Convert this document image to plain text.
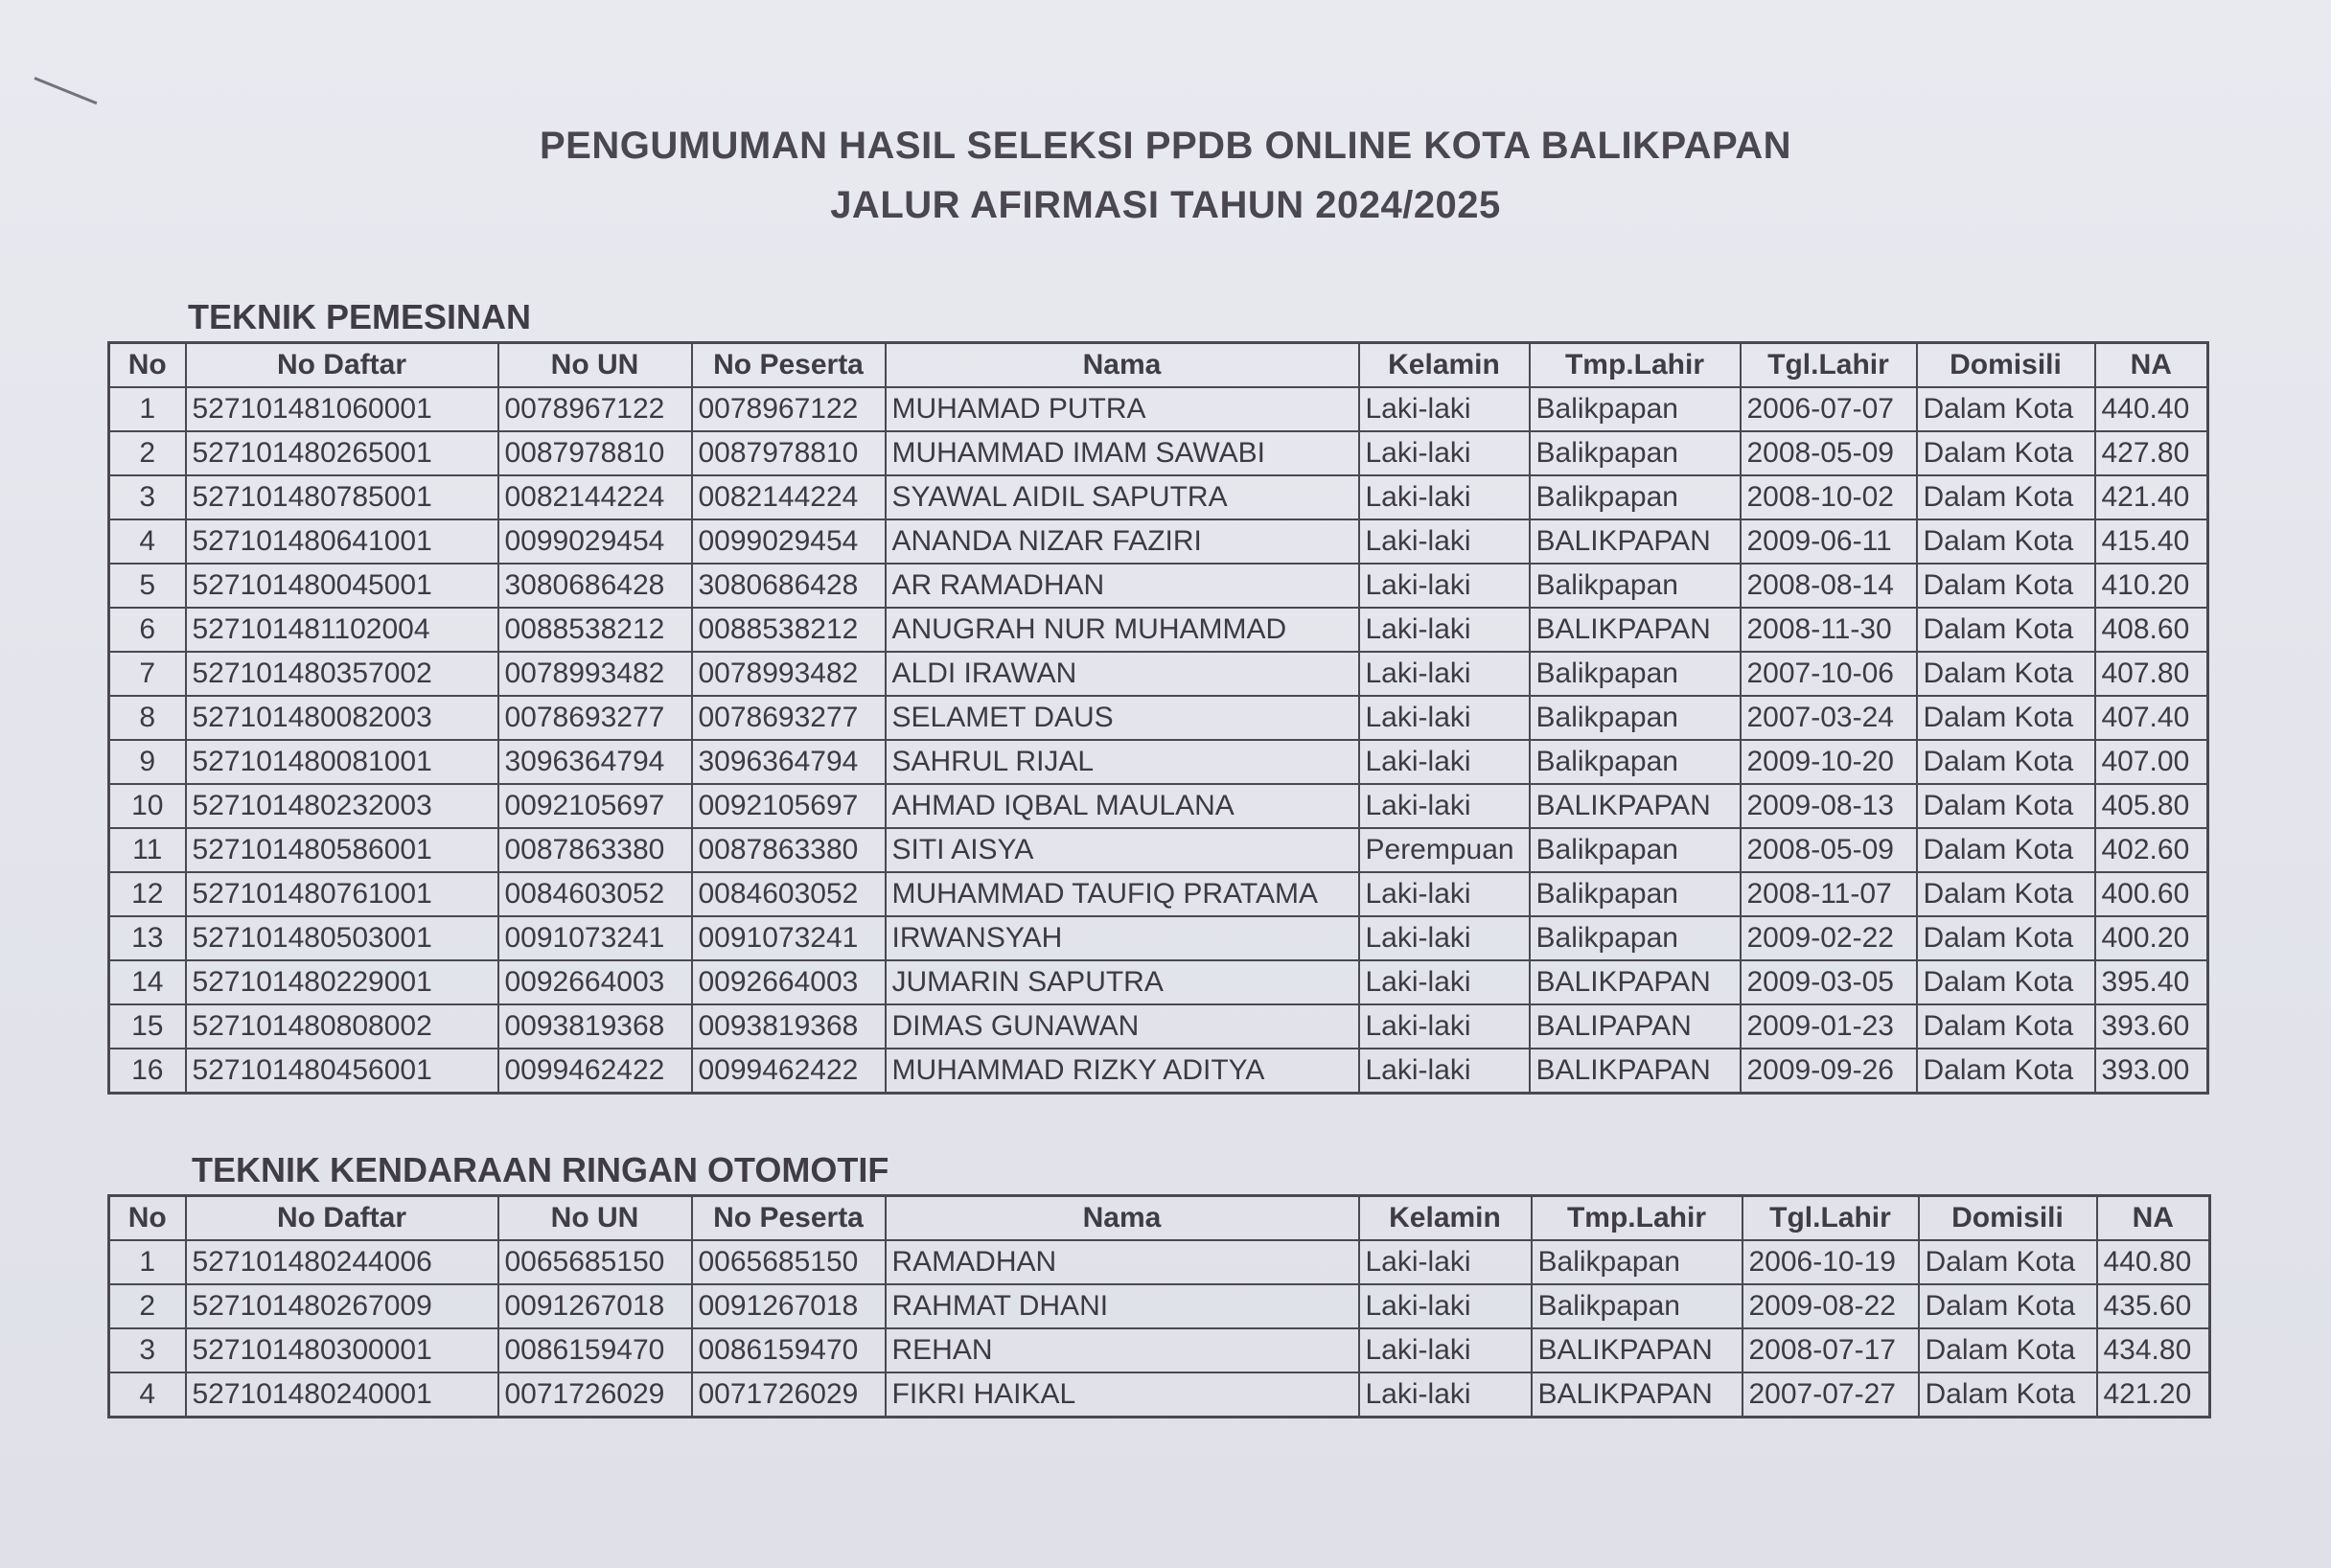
PENGUMUMAN HASIL SELEKSI PPDB ONLINE KOTA BALIKPAPAN
JALUR AFIRMASI TAHUN 2024/2025
TEKNIK PEMESINAN
No	No Daftar	No UN	No Peserta	Nama	Kelamin	Tmp.Lahir	Tgl.Lahir	Domisili	NA
1	527101481060001	0078967122	0078967122	MUHAMAD PUTRA	Laki-laki	Balikpapan	2006-07-07	Dalam Kota	440.40
2	527101480265001	0087978810	0087978810	MUHAMMAD IMAM SAWABI	Laki-laki	Balikpapan	2008-05-09	Dalam Kota	427.80
3	527101480785001	0082144224	0082144224	SYAWAL AIDIL SAPUTRA	Laki-laki	Balikpapan	2008-10-02	Dalam Kota	421.40
4	527101480641001	0099029454	0099029454	ANANDA NIZAR FAZIRI	Laki-laki	BALIKPAPAN	2009-06-11	Dalam Kota	415.40
5	527101480045001	3080686428	3080686428	AR RAMADHAN	Laki-laki	Balikpapan	2008-08-14	Dalam Kota	410.20
6	527101481102004	0088538212	0088538212	ANUGRAH NUR MUHAMMAD	Laki-laki	BALIKPAPAN	2008-11-30	Dalam Kota	408.60
7	527101480357002	0078993482	0078993482	ALDI IRAWAN	Laki-laki	Balikpapan	2007-10-06	Dalam Kota	407.80
8	527101480082003	0078693277	0078693277	SELAMET DAUS	Laki-laki	Balikpapan	2007-03-24	Dalam Kota	407.40
9	527101480081001	3096364794	3096364794	SAHRUL RIJAL	Laki-laki	Balikpapan	2009-10-20	Dalam Kota	407.00
10	527101480232003	0092105697	0092105697	AHMAD IQBAL MAULANA	Laki-laki	BALIKPAPAN	2009-08-13	Dalam Kota	405.80
11	527101480586001	0087863380	0087863380	SITI AISYA	Perempuan	Balikpapan	2008-05-09	Dalam Kota	402.60
12	527101480761001	0084603052	0084603052	MUHAMMAD TAUFIQ PRATAMA	Laki-laki	Balikpapan	2008-11-07	Dalam Kota	400.60
13	527101480503001	0091073241	0091073241	IRWANSYAH	Laki-laki	Balikpapan	2009-02-22	Dalam Kota	400.20
14	527101480229001	0092664003	0092664003	JUMARIN SAPUTRA	Laki-laki	BALIKPAPAN	2009-03-05	Dalam Kota	395.40
15	527101480808002	0093819368	0093819368	DIMAS GUNAWAN	Laki-laki	BALIPAPAN	2009-01-23	Dalam Kota	393.60
16	527101480456001	0099462422	0099462422	MUHAMMAD RIZKY ADITYA	Laki-laki	BALIKPAPAN	2009-09-26	Dalam Kota	393.00
TEKNIK KENDARAAN RINGAN OTOMOTIF
No	No Daftar	No UN	No Peserta	Nama	Kelamin	Tmp.Lahir	Tgl.Lahir	Domisili	NA
1	527101480244006	0065685150	0065685150	RAMADHAN	Laki-laki	Balikpapan	2006-10-19	Dalam Kota	440.80
2	527101480267009	0091267018	0091267018	RAHMAT DHANI	Laki-laki	Balikpapan	2009-08-22	Dalam Kota	435.60
3	527101480300001	0086159470	0086159470	REHAN	Laki-laki	BALIKPAPAN	2008-07-17	Dalam Kota	434.80
4	527101480240001	0071726029	0071726029	FIKRI HAIKAL	Laki-laki	BALIKPAPAN	2007-07-27	Dalam Kota	421.20
